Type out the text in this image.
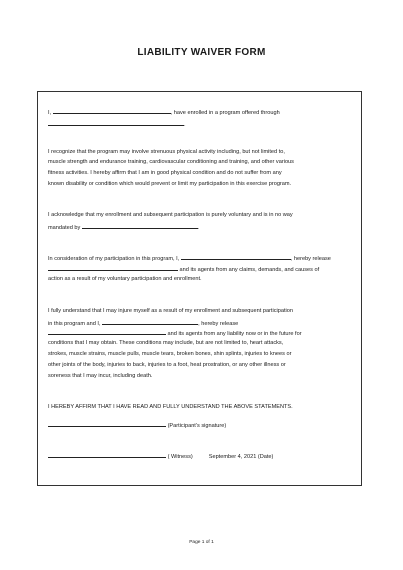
LIABILITY WAIVER FORM
I,	, have enrolled in a program offered through
.
I recognize that the program may involve strenuous physical activity including, but not limited to,
muscle strength and endurance training, cardiovascular conditioning and training, and other various
fitness activities. I hereby affirm that I am in good physical condition and do not suffer from any
known disability or condition which would prevent or limit my participation in this exercise program.
I acknowledge that my enrollment and subsequent participation is purely voluntary and is in no way
mandated by	.
In consideration of my participation in this program, I,	, hereby release
and its agents from any claims, demands, and causes of
action as a result of my voluntary participation and enrollment.
I fully understand that I may injure myself as a result of my enrollment and subsequent participation
in this program and I,	, hereby release
and its agents from any liability now or in the future for
conditions that I may obtain. These conditions may include, but are not limited to, heart attacks,
strokes, muscle strains, muscle pulls, muscle tears, broken bones, shin splints, injuries to knees or
other joints of the body, injuries to back, injuries to a foot, heat prostration, or any other illness or
soreness that I may incur, including death.
I HEREBY AFFIRM THAT I HAVE READ AND FULLY UNDERSTAND THE ABOVE STATEMENTS.
(Participant’s signature)
( Witness)	September 4, 2021 (Date)
Page 1 of 1
